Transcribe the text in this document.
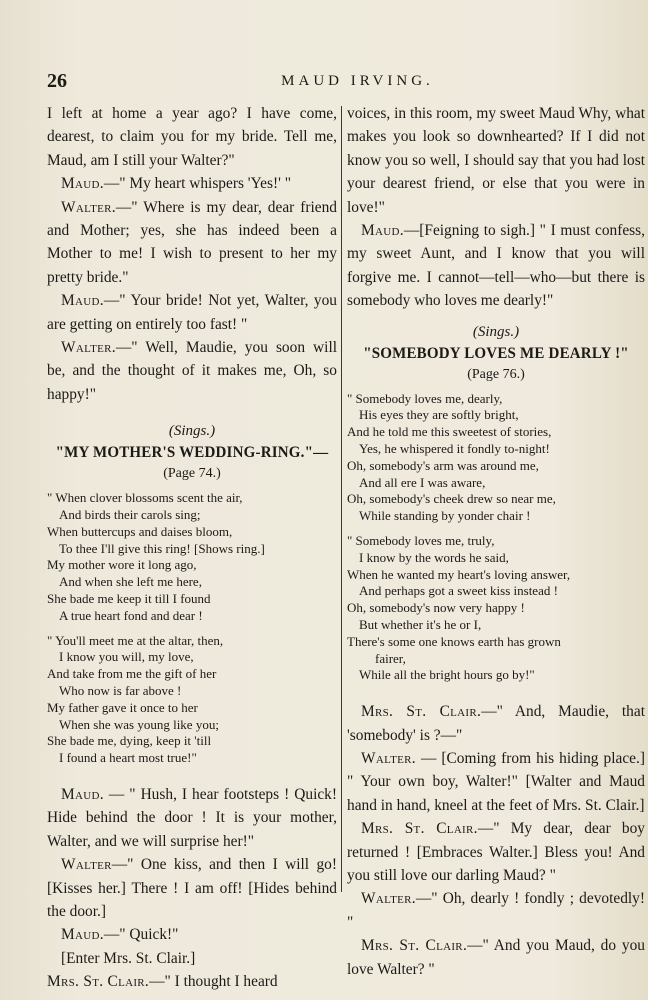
26	MAUD IRVING.

I left at home a year ago? I have come, dearest, to claim you for my bride. Tell me, Maud, am I still your Walter?"

Maud.—" My heart whispers 'Yes!' "

Walter.—" Where is my dear, dear friend and Mother; yes, she has indeed been a Mother to me! I wish to present to her my pretty bride."

Maud.—" Your bride! Not yet, Walter, you are getting on entirely too fast! "

Walter.—" Well, Maudie, you soon will be, and the thought of it makes me, Oh, so happy!"

(Sings.)

"MY MOTHER'S WEDDING-RING."—

(Page 74.)

" When clover blossoms scent the air,
And birds their carols sing;
When buttercups and daises bloom,
To thee I'll give this ring! [Shows ring.]
My mother wore it long ago,
And when she left me here,
She bade me keep it till I found
A true heart fond and dear !
" You'll meet me at the altar, then,
I know you will, my love,
And take from me the gift of her
Who now is far above !
My father gave it once to her
When she was young like you;
She bade me, dying, keep it 'till
I found a heart most true!"

Maud. — " Hush, I hear footsteps ! Quick! Hide behind the door ! It is your mother, Walter, and we will surprise her!"

Walter—" One kiss, and then I will go! [Kisses her.] There ! I am off! [Hides behind the door.]

Maud.—" Quick!"

[Enter Mrs. St. Clair.]

Mrs. St. Clair.—" I thought I heard

voices, in this room, my sweet Maud Why, what makes you look so downhearted? If I did not know you so well, I should say that you had lost your dearest friend, or else that you were in love!"

Maud.—[Feigning to sigh.] " I must confess, my sweet Aunt, and I know that you will forgive me. I cannot—tell—who—but there is somebody who loves me dearly!"

(Sings.)

"SOMEBODY LOVES ME DEARLY !"

(Page 76.)

" Somebody loves me, dearly,
His eyes they are softly bright,
And he told me this sweetest of stories,
Yes, he whispered it fondly to-night!
Oh, somebody's arm was around me,
And all ere I was aware,
Oh, somebody's cheek drew so near me,
While standing by yonder chair !
" Somebody loves me, truly,
I know by the words he said,
When he wanted my heart's loving answer,
And perhaps got a sweet kiss instead !
Oh, somebody's now very happy !
But whether it's he or I,
There's some one knows earth has grown
fairer,
While all the bright hours go by!"

Mrs. St. Clair.—" And, Maudie, that 'somebody' is ?—"

Walter. — [Coming from his hiding place.] " Your own boy, Walter!" [Walter and Maud hand in hand, kneel at the feet of Mrs. St. Clair.]

Mrs. St. Clair.—" My dear, dear boy returned ! [Embraces Walter.] Bless you! And you still love our darling Maud? "

Walter.—" Oh, dearly ! fondly ; devotedly! "

Mrs. St. Clair.—" And you Maud, do you love Walter? "
